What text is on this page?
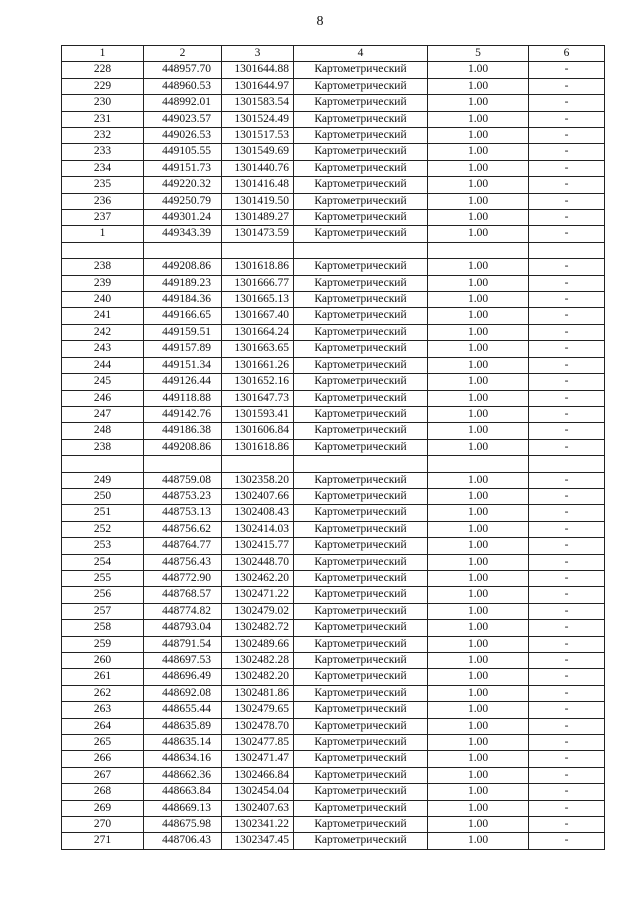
8
1	2	3	4	5	6
228	448957.70	1301644.88	Картометрический	1.00	-
229	448960.53	1301644.97	Картометрический	1.00	-
230	448992.01	1301583.54	Картометрический	1.00	-
231	449023.57	1301524.49	Картометрический	1.00	-
232	449026.53	1301517.53	Картометрический	1.00	-
233	449105.55	1301549.69	Картометрический	1.00	-
234	449151.73	1301440.76	Картометрический	1.00	-
235	449220.32	1301416.48	Картометрический	1.00	-
236	449250.79	1301419.50	Картометрический	1.00	-
237	449301.24	1301489.27	Картометрический	1.00	-
1	449343.39	1301473.59	Картометрический	1.00	-

238	449208.86	1301618.86	Картометрический	1.00	-
239	449189.23	1301666.77	Картометрический	1.00	-
240	449184.36	1301665.13	Картометрический	1.00	-
241	449166.65	1301667.40	Картометрический	1.00	-
242	449159.51	1301664.24	Картометрический	1.00	-
243	449157.89	1301663.65	Картометрический	1.00	-
244	449151.34	1301661.26	Картометрический	1.00	-
245	449126.44	1301652.16	Картометрический	1.00	-
246	449118.88	1301647.73	Картометрический	1.00	-
247	449142.76	1301593.41	Картометрический	1.00	-
248	449186.38	1301606.84	Картометрический	1.00	-
238	449208.86	1301618.86	Картометрический	1.00	-

249	448759.08	1302358.20	Картометрический	1.00	-
250	448753.23	1302407.66	Картометрический	1.00	-
251	448753.13	1302408.43	Картометрический	1.00	-
252	448756.62	1302414.03	Картометрический	1.00	-
253	448764.77	1302415.77	Картометрический	1.00	-
254	448756.43	1302448.70	Картометрический	1.00	-
255	448772.90	1302462.20	Картометрический	1.00	-
256	448768.57	1302471.22	Картометрический	1.00	-
257	448774.82	1302479.02	Картометрический	1.00	-
258	448793.04	1302482.72	Картометрический	1.00	-
259	448791.54	1302489.66	Картометрический	1.00	-
260	448697.53	1302482.28	Картометрический	1.00	-
261	448696.49	1302482.20	Картометрический	1.00	-
262	448692.08	1302481.86	Картометрический	1.00	-
263	448655.44	1302479.65	Картометрический	1.00	-
264	448635.89	1302478.70	Картометрический	1.00	-
265	448635.14	1302477.85	Картометрический	1.00	-
266	448634.16	1302471.47	Картометрический	1.00	-
267	448662.36	1302466.84	Картометрический	1.00	-
268	448663.84	1302454.04	Картометрический	1.00	-
269	448669.13	1302407.63	Картометрический	1.00	-
270	448675.98	1302341.22	Картометрический	1.00	-
271	448706.43	1302347.45	Картометрический	1.00	-
